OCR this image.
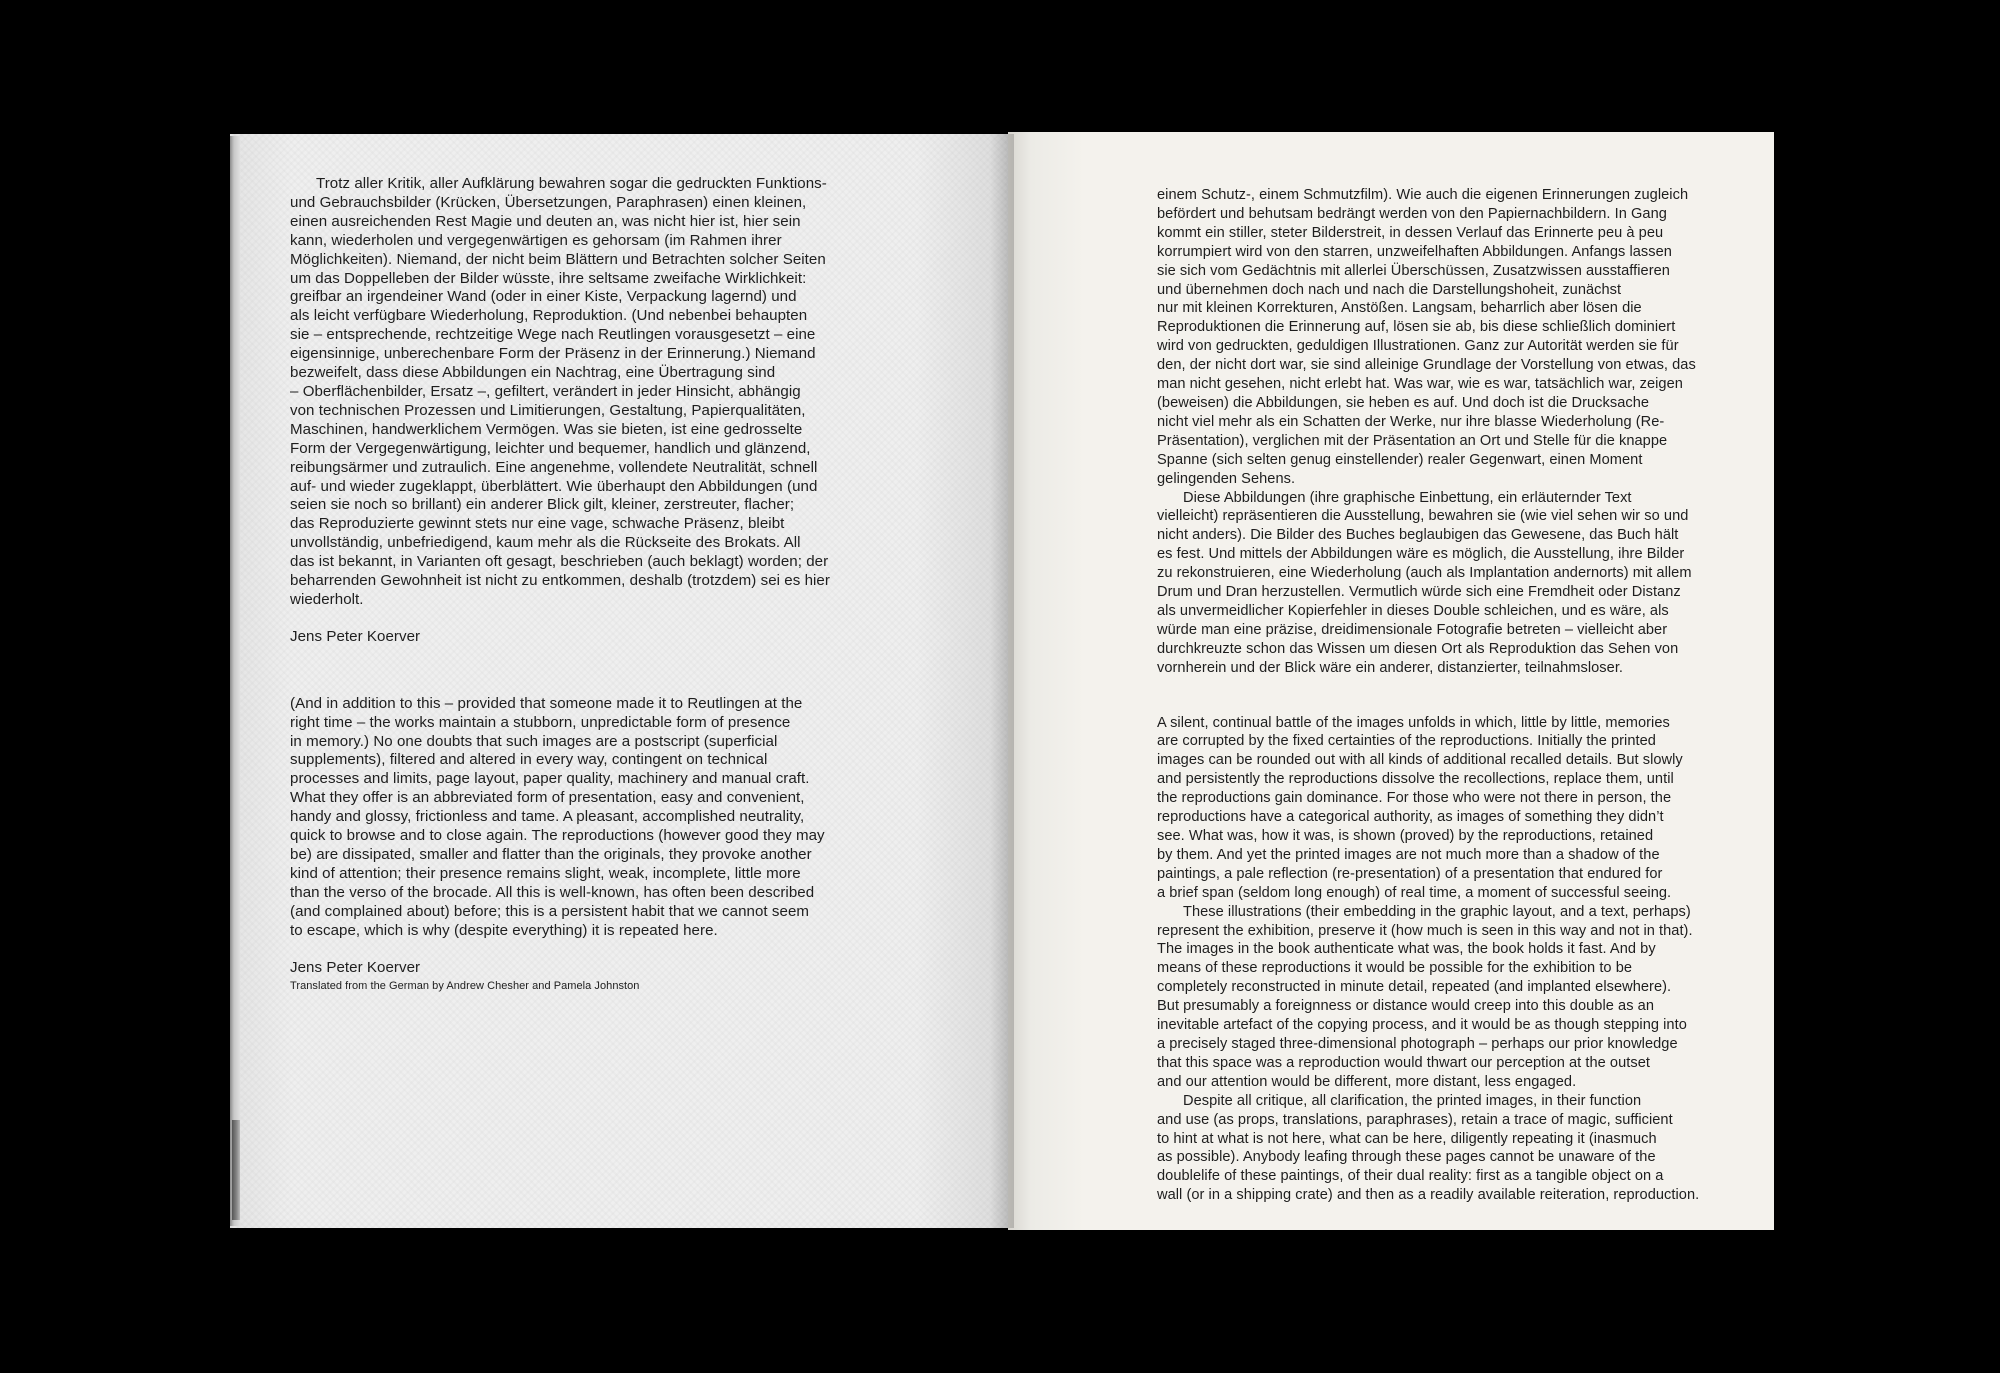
Trotz aller Kritik, aller Aufklärung bewahren sogar die gedruckten Funktions-
und Gebrauchsbilder (Krücken, Übersetzungen, Paraphrasen) einen kleinen,
einen ausreichenden Rest Magie und deuten an, was nicht hier ist, hier sein
kann, wiederholen und vergegenwärtigen es gehorsam (im Rahmen ihrer
Möglichkeiten). Niemand, der nicht beim Blättern und Betrachten solcher Seiten
um das Doppelleben der Bilder wüsste, ihre seltsame zweifache Wirklichkeit:
greifbar an irgendeiner Wand (oder in einer Kiste, Verpackung lagernd) und
als leicht verfügbare Wiederholung, Reproduktion. (Und nebenbei behaupten
sie – entsprechende, rechtzeitige Wege nach Reutlingen vorausgesetzt – eine
eigensinnige, unberechenbare Form der Präsenz in der Erinnerung.) Niemand
bezweifelt, dass diese Abbildungen ein Nachtrag, eine Übertragung sind
– Oberflächenbilder, Ersatz –, gefiltert, verändert in jeder Hinsicht, abhängig
von technischen Prozessen und Limitierungen, Gestaltung, Papierqualitäten,
Maschinen, handwerklichem Vermögen. Was sie bieten, ist eine gedrosselte
Form der Vergegenwärtigung, leichter und bequemer, handlich und glänzend,
reibungsärmer und zutraulich. Eine angenehme, vollendete Neutralität, schnell
auf- und wieder zugeklappt, überblättert. Wie überhaupt den Abbildungen (und
seien sie noch so brillant) ein anderer Blick gilt, kleiner, zerstreuter, flacher;
das Reproduzierte gewinnt stets nur eine vage, schwache Präsenz, bleibt
unvollständig, unbefriedigend, kaum mehr als die Rückseite des Brokats. All
das ist bekannt, in Varianten oft gesagt, beschrieben (auch beklagt) worden; der
beharrenden Gewohnheit ist nicht zu entkommen, deshalb (trotzdem) sei es hier
wiederholt.
Jens Peter Koerver
(And in addition to this – provided that someone made it to Reutlingen at the
right time – the works maintain a stubborn, unpredictable form of presence
in memory.) No one doubts that such images are a postscript (superficial
supplements), filtered and altered in every way, contingent on technical
processes and limits, page layout, paper quality, machinery and manual craft.
What they offer is an abbreviated form of presentation, easy and convenient,
handy and glossy, frictionless and tame. A pleasant, accomplished neutrality,
quick to browse and to close again. The reproductions (however good they may
be) are dissipated, smaller and flatter than the originals, they provoke another
kind of attention; their presence remains slight, weak, incomplete, little more
than the verso of the brocade. All this is well-known, has often been described
(and complained about) before; this is a persistent habit that we cannot seem
to escape, which is why (despite everything) it is repeated here.
Jens Peter Koerver
Translated from the German by Andrew Chesher and Pamela Johnston
einem Schutz-, einem Schmutzfilm). Wie auch die eigenen Erinnerungen zugleich
befördert und behutsam bedrängt werden von den Papiernachbildern. In Gang
kommt ein stiller, steter Bilderstreit, in dessen Verlauf das Erinnerte peu à peu
korrumpiert wird von den starren, unzweifelhaften Abbildungen. Anfangs lassen
sie sich vom Gedächtnis mit allerlei Überschüssen, Zusatzwissen ausstaffieren
und übernehmen doch nach und nach die Darstellungshoheit, zunächst
nur mit kleinen Korrekturen, Anstößen. Langsam, beharrlich aber lösen die
Reproduktionen die Erinnerung auf, lösen sie ab, bis diese schließlich dominiert
wird von gedruckten, geduldigen Illustrationen. Ganz zur Autorität werden sie für
den, der nicht dort war, sie sind alleinige Grundlage der Vorstellung von etwas, das
man nicht gesehen, nicht erlebt hat. Was war, wie es war, tatsächlich war, zeigen
(beweisen) die Abbildungen, sie heben es auf. Und doch ist die Drucksache
nicht viel mehr als ein Schatten der Werke, nur ihre blasse Wiederholung (Re-
Präsentation), verglichen mit der Präsentation an Ort und Stelle für die knappe
Spanne (sich selten genug einstellender) realer Gegenwart, einen Moment
gelingenden Sehens.
Diese Abbildungen (ihre graphische Einbettung, ein erläuternder Text
vielleicht) repräsentieren die Ausstellung, bewahren sie (wie viel sehen wir so und
nicht anders). Die Bilder des Buches beglaubigen das Gewesene, das Buch hält
es fest. Und mittels der Abbildungen wäre es möglich, die Ausstellung, ihre Bilder
zu rekonstruieren, eine Wiederholung (auch als Implantation andernorts) mit allem
Drum und Dran herzustellen. Vermutlich würde sich eine Fremdheit oder Distanz
als unvermeidlicher Kopierfehler in dieses Double schleichen, und es wäre, als
würde man eine präzise, dreidimensionale Fotografie betreten – vielleicht aber
durchkreuzte schon das Wissen um diesen Ort als Reproduktion das Sehen von
vornherein und der Blick wäre ein anderer, distanzierter, teilnahmsloser.
A silent, continual battle of the images unfolds in which, little by little, memories
are corrupted by the fixed certainties of the reproductions. Initially the printed
images can be rounded out with all kinds of additional recalled details. But slowly
and persistently the reproductions dissolve the recollections, replace them, until
the reproductions gain dominance. For those who were not there in person, the
reproductions have a categorical authority, as images of something they didn’t
see. What was, how it was, is shown (proved) by the reproductions, retained
by them. And yet the printed images are not much more than a shadow of the
paintings, a pale reflection (re-presentation) of a presentation that endured for
a brief span (seldom long enough) of real time, a moment of successful seeing.
These illustrations (their embedding in the graphic layout, and a text, perhaps)
represent the exhibition, preserve it (how much is seen in this way and not in that).
The images in the book authenticate what was, the book holds it fast. And by
means of these reproductions it would be possible for the exhibition to be
completely reconstructed in minute detail, repeated (and implanted elsewhere).
But presumably a foreignness or distance would creep into this double as an
inevitable artefact of the copying process, and it would be as though stepping into
a precisely staged three-dimensional photograph – perhaps our prior knowledge
that this space was a reproduction would thwart our perception at the outset
and our attention would be different, more distant, less engaged.
Despite all critique, all clarification, the printed images, in their function
and use (as props, translations, paraphrases), retain a trace of magic, sufficient
to hint at what is not here, what can be here, diligently repeating it (inasmuch
as possible). Anybody leafing through these pages cannot be unaware of the
doublelife of these paintings, of their dual reality: first as a tangible object on a
wall (or in a shipping crate) and then as a readily available reiteration, reproduction.
